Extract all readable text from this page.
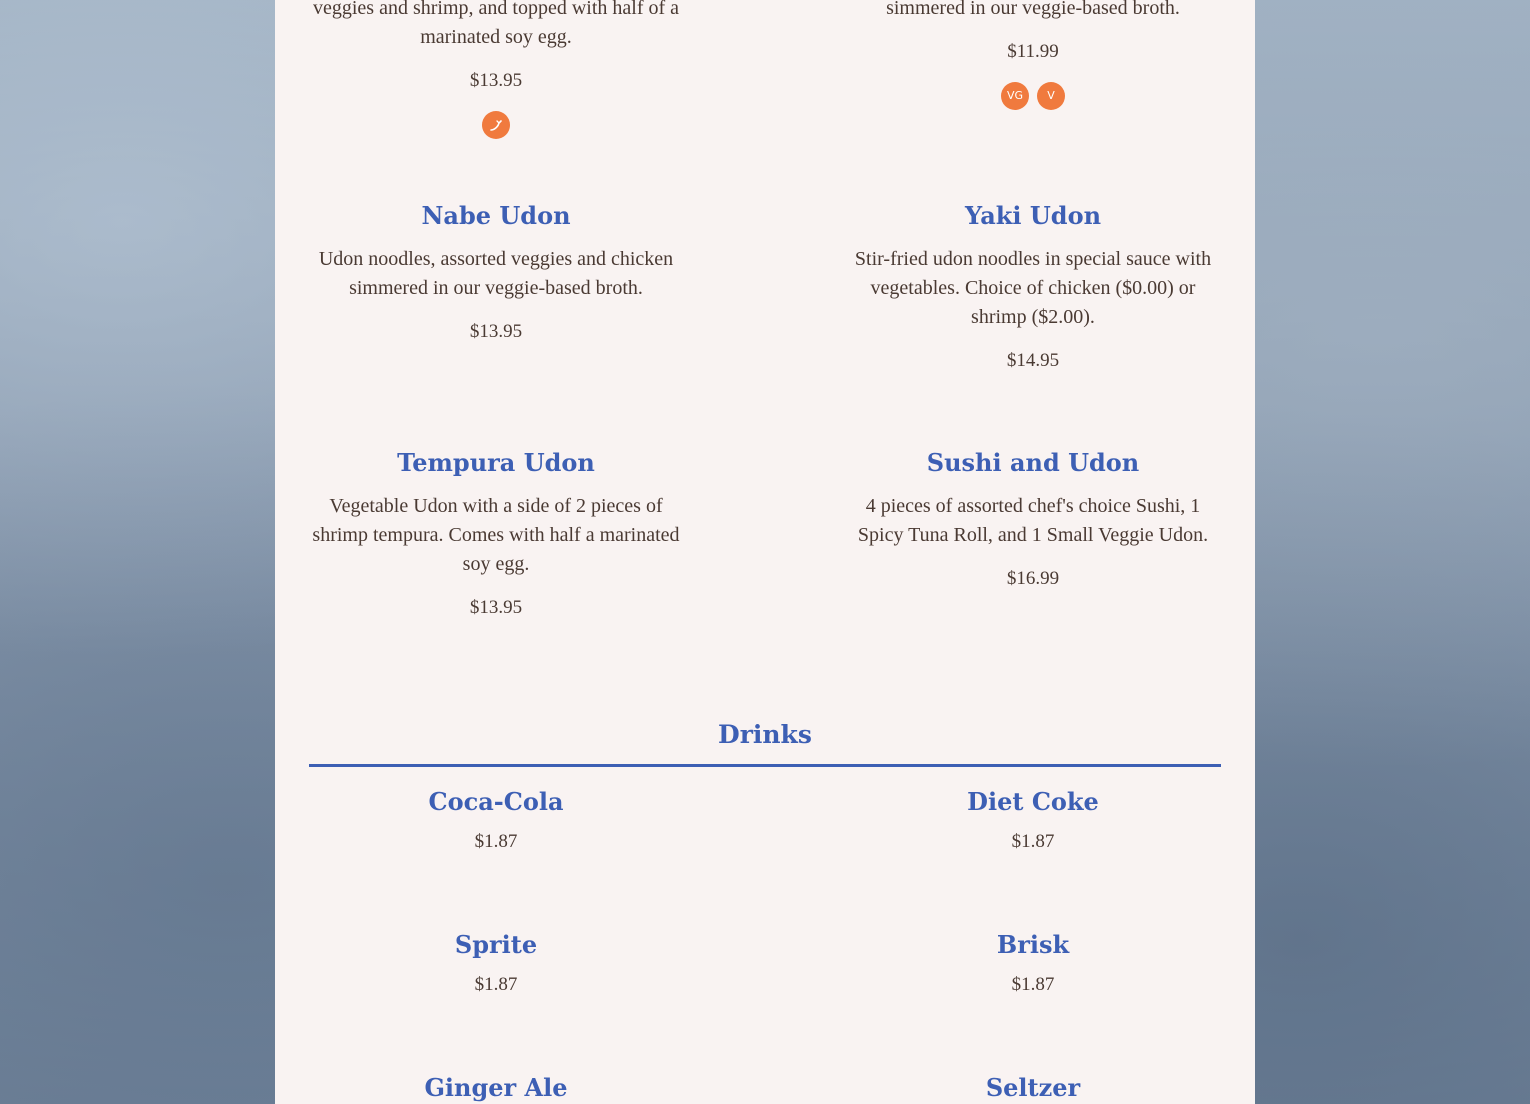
veggies and shrimp, and topped with half of a marinated soy egg.

$13.95

simmered in our veggie-based broth.

$11.99

VG	V
Nabe Udon

Udon noodles, assorted veggies and chicken simmered in our veggie-based broth.

$13.95

Yaki Udon

Stir-fried udon noodles in special sauce with vegetables. Choice of chicken ($0.00) or shrimp ($2.00).

$14.95

Tempura Udon

Vegetable Udon with a side of 2 pieces of shrimp tempura. Comes with half a marinated soy egg.

$13.95

Sushi and Udon

4 pieces of assorted chef's choice Sushi, 1 Spicy Tuna Roll, and 1 Small Veggie Udon.

$16.99

Drinks
Coca-Cola

$1.87

Diet Coke

$1.87

Sprite

$1.87

Brisk

$1.87

Ginger Ale	Seltzer
